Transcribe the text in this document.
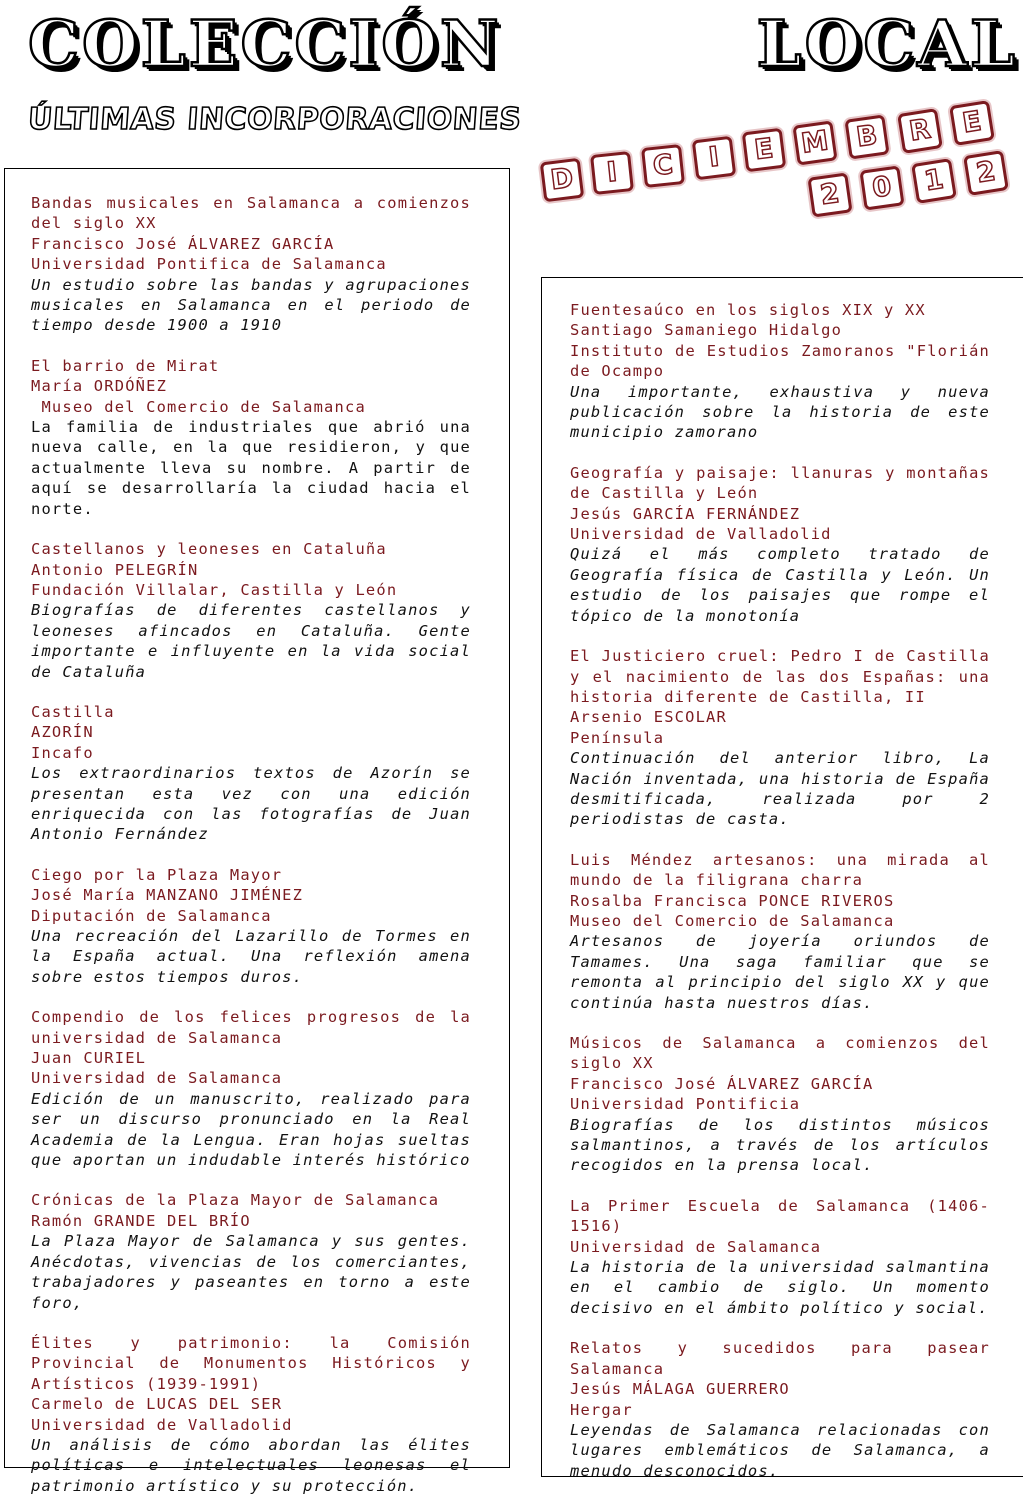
COLECCIÓN	LOCAL
ÚLTIMAS INCORPORACIONES
D	I	C	I	E M B	R	E
2	0	1	2
Bandas musicales en Salamanca a comienzos del siglo XX
Francisco José ÁLVAREZ GARCÍA
Universidad Pontifica de Salamanca
Un estudio sobre las bandas y agrupaciones musicales en Salamanca en el periodo de tiempo desde 1900 a 1910
El barrio de Mirat
María ORDÓÑEZ
Museo del Comercio de Salamanca
La familia de industriales que abrió una nueva calle, en la que residieron, y que actualmente lleva su nombre. A partir de aquí se desarrollaría la ciudad hacia el norte.
Castellanos y leoneses en Cataluña
Antonio PELEGRÍN
Fundación Villalar, Castilla y León
Biografías de diferentes castellanos y leoneses afincados en Cataluña. Gente importante e influyente en la vida social de Cataluña
Castilla
AZORÍN
Incafo
Los extraordinarios textos de Azorín se presentan esta vez con una edición enriquecida con las fotografías de Juan Antonio Fernández
Ciego por la Plaza Mayor
José María MANZANO JIMÉNEZ
Diputación de Salamanca
Una recreación del Lazarillo de Tormes en la España actual. Una reflexión amena sobre estos tiempos duros.
Compendio de los felices progresos de la universidad de Salamanca
Juan CURIEL
Universidad de Salamanca
Edición de un manuscrito, realizado para ser un discurso pronunciado en la Real Academia de la Lengua. Eran hojas sueltas que aportan un indudable interés histórico
Crónicas de la Plaza Mayor de Salamanca
Ramón GRANDE DEL BRÍO
La Plaza Mayor de Salamanca y sus gentes. Anécdotas, vivencias de los comerciantes, trabajadores y paseantes en torno a este foro,
Élites y patrimonio: la Comisión Provincial de Monumentos Históricos y Artísticos (1939-1991)
Carmelo de LUCAS DEL SER
Universidad de Valladolid
Un análisis de cómo abordan las élites políticas e intelectuales leonesas el patrimonio artístico y su protección.
Fuentesaúco en los siglos XIX y XX
Santiago Samaniego Hidalgo
Instituto de Estudios Zamoranos "Florián de Ocampo
Una importante, exhaustiva y nueva publicación sobre la historia de este municipio zamorano
Geografía y paisaje: llanuras y montañas de Castilla y León
Jesús GARCÍA FERNÁNDEZ
Universidad de Valladolid
Quizá el más completo tratado de Geografía física de Castilla y León. Un estudio de los paisajes que rompe el tópico de la monotonía
El Justiciero cruel: Pedro I de Castilla y el nacimiento de las dos Españas: una historia diferente de Castilla, II
Arsenio ESCOLAR
Península
Continuación del anterior libro, La Nación inventada, una historia de España desmitificada, realizada por 2 periodistas de casta.
Luis Méndez artesanos: una mirada al mundo de la filigrana charra
Rosalba Francisca PONCE RIVEROS
Museo del Comercio de Salamanca
Artesanos de joyería oriundos de Tamames. Una saga familiar que se remonta al principio del siglo XX y que continúa hasta nuestros días.
Músicos de Salamanca a comienzos del siglo XX
Francisco José ÁLVAREZ GARCÍA
Universidad Pontificia
Biografías de los distintos músicos salmantinos, a través de los artículos recogidos en la prensa local.
La Primer Escuela de Salamanca (1406-1516)
Universidad de Salamanca
La historia de la universidad salmantina en el cambio de siglo. Un momento decisivo en el ámbito político y social.
Relatos y sucedidos para pasear Salamanca
Jesús MÁLAGA GUERRERO
Hergar
Leyendas de Salamanca relacionadas con lugares emblemáticos de Salamanca, a menudo desconocidos.
